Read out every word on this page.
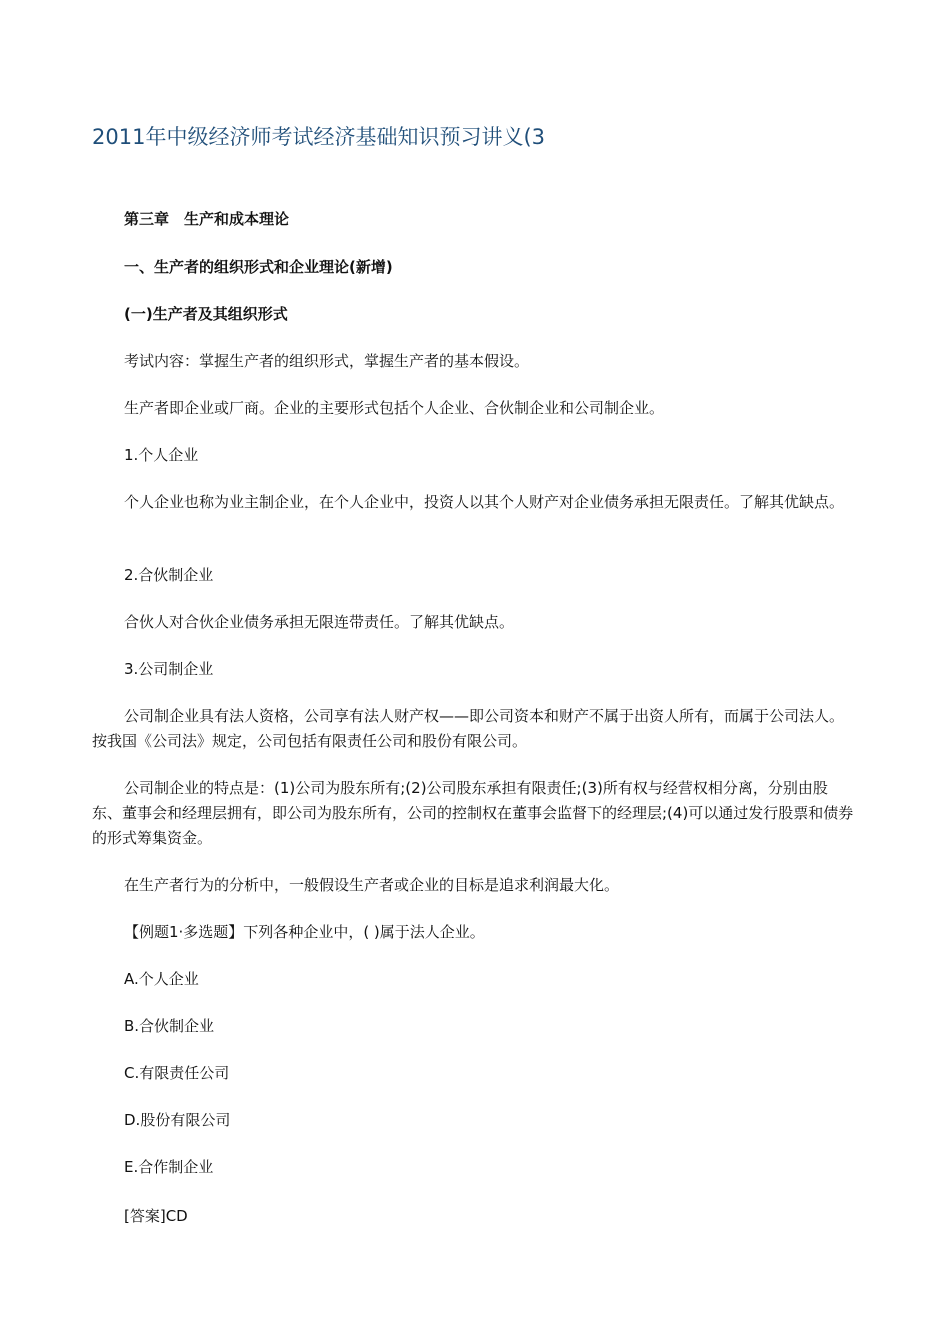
2011年中级经济师考试经济基础知识预习讲义(3

第三章　生产和成本理论

一、生产者的组织形式和企业理论(新增)

(一)生产者及其组织形式

考试内容：掌握生产者的组织形式，掌握生产者的基本假设。

生产者即企业或厂商。企业的主要形式包括个人企业、合伙制企业和公司制企业。

1.个人企业

个人企业也称为业主制企业，在个人企业中，投资人以其个人财产对企业债务承担无限责任。了解其优缺点。

2.合伙制企业

合伙人对合伙企业债务承担无限连带责任。了解其优缺点。

3.公司制企业

公司制企业具有法人资格，公司享有法人财产权——即公司资本和财产不属于出资人所有，而属于公司法人。按我国《公司法》规定，公司包括有限责任公司和股份有限公司。

公司制企业的特点是：(1)公司为股东所有;(2)公司股东承担有限责任;(3)所有权与经营权相分离，分别由股东、董事会和经理层拥有，即公司为股东所有，公司的控制权在董事会监督下的经理层;(4)可以通过发行股票和债券的形式筹集资金。

在生产者行为的分析中，一般假设生产者或企业的目标是追求利润最大化。

【例题1·多选题】下列各种企业中，( )属于法人企业。

A.个人企业

B.合伙制企业

C.有限责任公司

D.股份有限公司

E.合作制企业

[答案]CD
